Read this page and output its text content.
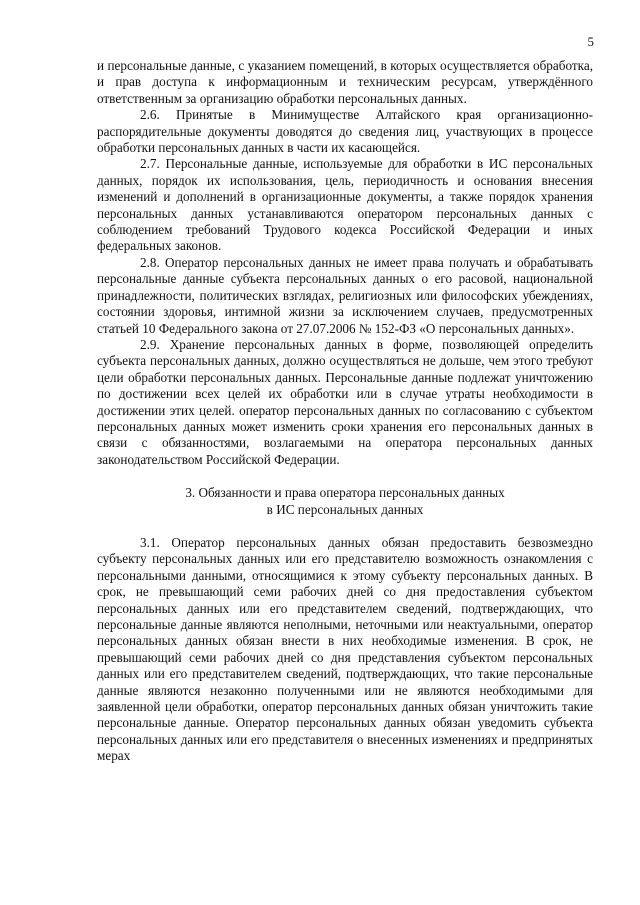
5

и персональные данные, с указанием помещений, в которых осуществляется обработка, и прав доступа к информационным и техническим ресурсам, утверждённого ответственным за организацию обработки персональных данных.

2.6. Принятые в Минимуществе Алтайского края организационно-распорядительные документы доводятся до сведения лиц, участвующих в процессе обработки персональных данных в части их касающейся.

2.7. Персональные данные, используемые для обработки в ИС персональных данных, порядок их использования, цель, периодичность и основания внесения изменений и дополнений в организационные документы, а также порядок хранения персональных данных устанавливаются оператором персональных данных с соблюдением требований Трудового кодекса Российской Федерации и иных федеральных законов.

2.8. Оператор персональных данных не имеет права получать и обрабатывать персональные данные субъекта персональных данных о его расовой, национальной принадлежности, политических взглядах, религиозных или философских убеждениях, состоянии здоровья, интимной жизни за исключением случаев, предусмотренных статьей 10 Федерального закона от 27.07.2006 № 152-ФЗ «О персональных данных».

2.9. Хранение персональных данных в форме, позволяющей определить субъекта персональных данных, должно осуществляться не дольше, чем этого требуют цели обработки персональных данных. Персональные данные подлежат уничтожению по достижении всех целей их обработки или в случае утраты необходимости в достижении этих целей. оператор персональных данных по согласованию с субъектом персональных данных может изменить сроки хранения его персональных данных в связи с обязанностями, возлагаемыми на оператора персональных данных законодательством Российской Федерации.

3. Обязанности и права оператора персональных данных
в ИС персональных данных

3.1. Оператор персональных данных обязан предоставить безвозмездно субъекту персональных данных или его представителю возможность ознакомления с персональными данными, относящимися к этому субъекту персональных данных. В срок, не превышающий семи рабочих дней со дня предоставления субъектом персональных данных или его представителем сведений, подтверждающих, что персональные данные являются неполными, неточными или неактуальными, оператор персональных данных обязан внести в них необходимые изменения. В срок, не превышающий семи рабочих дней со дня представления субъектом персональных данных или его представителем сведений, подтверждающих, что такие персональные данные являются незаконно полученными или не являются необходимыми для заявленной цели обработки, оператор персональных данных обязан уничтожить такие персональные данные. Оператор персональных данных обязан уведомить субъекта персональных данных или его представителя о внесенных изменениях и предпринятых мерах
